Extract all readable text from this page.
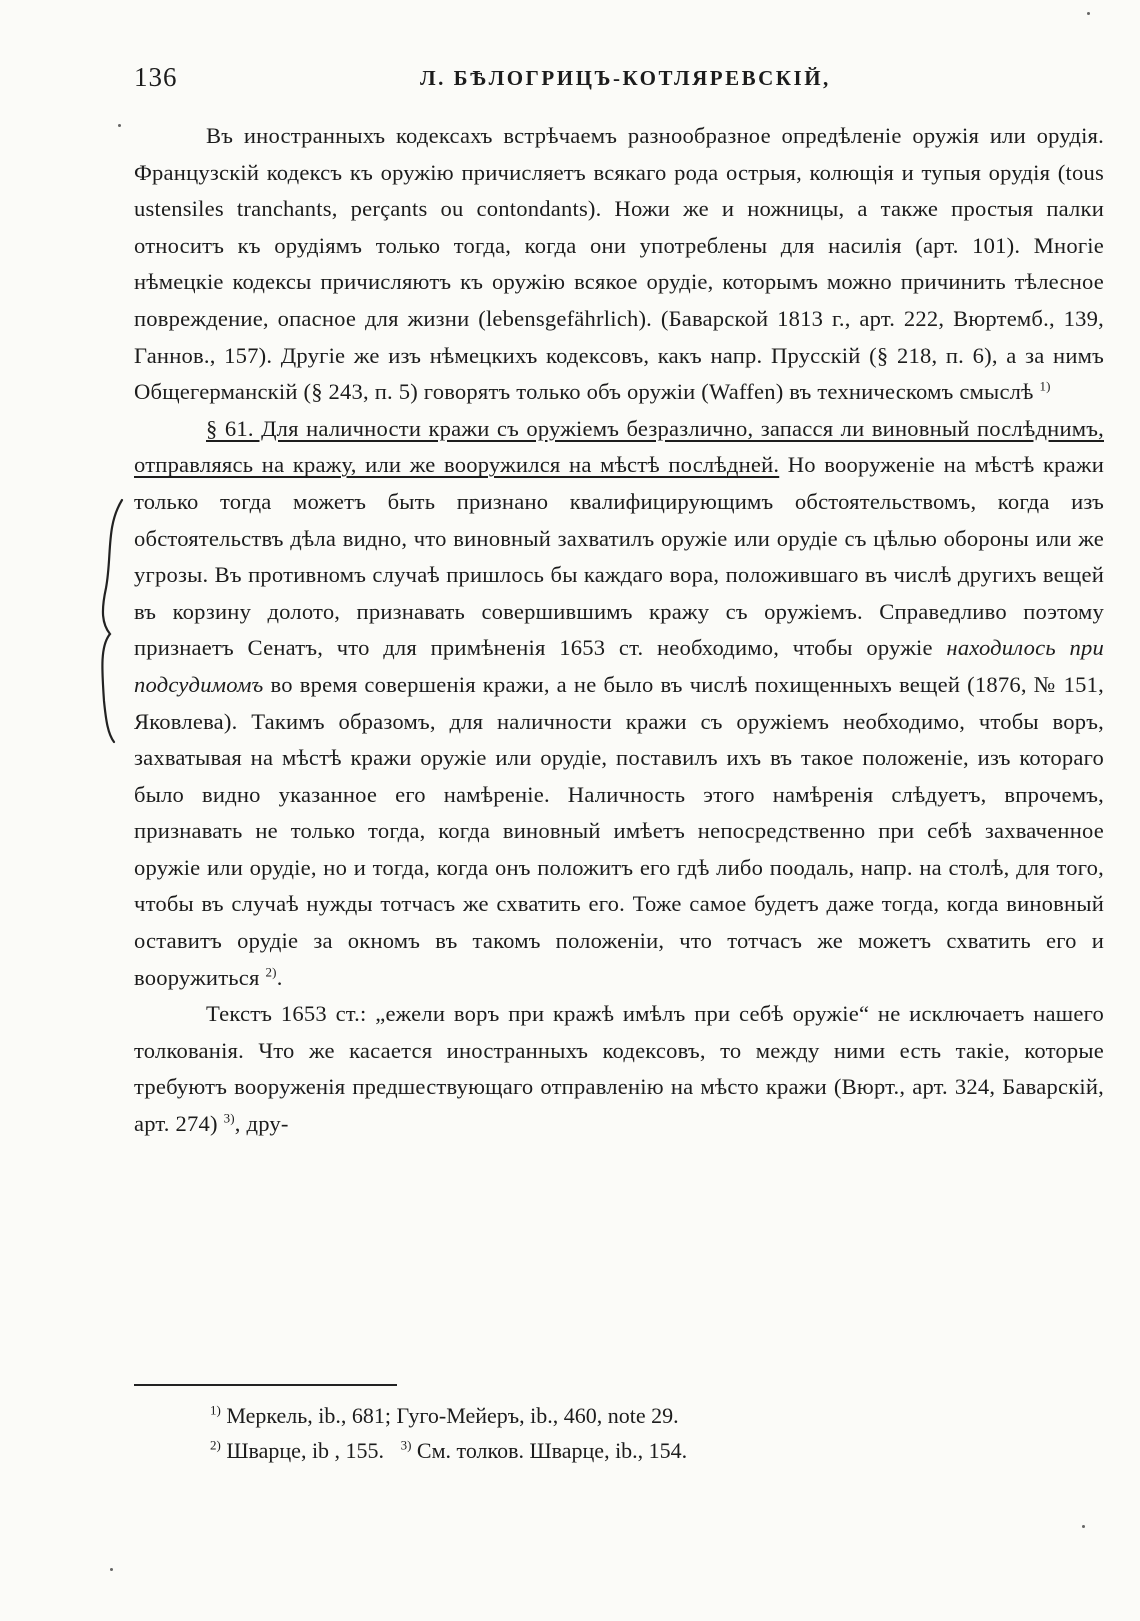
136	Л. БѢЛОГРИЦЪ-КОТЛЯРЕВСКІЙ,

Въ иностранныхъ кодексахъ встрѣчаемъ разнообразное опредѣленіе оружія или орудія. Французскій кодексъ къ оружію причисляетъ всякаго рода острыя, колющія и тупыя орудія (tous ustensiles tranchants, perçants ou contondants). Ножи же и ножницы, а также простыя палки относитъ къ орудіямъ только тогда, когда они употреблены для насилія (арт. 101). Многіе нѣмецкіе кодексы причисляютъ къ оружію всякое орудіе, которымъ можно причинить тѣлесное повреждение, опасное для жизни (lebensgefährlich). (Баварской 1813 г., арт. 222, Вюртемб., 139, Ганнов., 157). Другіе же изъ нѣмецкихъ кодексовъ, какъ напр. Прусскій (§ 218, п. 6), а за нимъ Общегерманскій (§ 243, п. 5) говорятъ только объ оружіи (Waffen) въ техническомъ смыслѣ $^{1)}$

§ 61. Для наличности кражи съ оружіемъ безразлично, запасся ли виновный послѣднимъ, отправляясь на кражу, или же вооружился на мѣстѣ послѣдней. Но вооруженіе на мѣстѣ кражи только тогда можетъ быть признано квалифицирующимъ обстоятельствомъ, когда изъ обстоятельствъ дѣла видно, что виновный захватилъ оружіе или орудіе съ цѣлью обороны или же угрозы. Въ противномъ случаѣ пришлось бы каждаго вора, положившаго въ числѣ другихъ вещей въ корзину долото, признавать совершившимъ кражу съ оружіемъ. Справедливо поэтому признаетъ Сенатъ, что для примѣненія 1653 ст. необходимо, чтобы оружіе находилось при подсудимомъ во время совершенія кражи, а не было въ числѣ похищенныхъ вещей (1876, № 151, Яковлева). Такимъ образомъ, для наличности кражи съ оружіемъ необходимо, чтобы воръ, захватывая на мѣстѣ кражи оружіе или орудіе, поставилъ ихъ въ такое положеніе, изъ котораго было видно указанное его намѣреніе. Наличность этого намѣренія слѣдуетъ, впрочемъ, признавать не только тогда, когда виновный имѣетъ непосредственно при себѣ захваченное оружіе или орудіе, но и тогда, когда онъ положитъ его гдѣ либо поодаль, напр. на столѣ, для того, чтобы въ случаѣ нужды тотчасъ же схватить его. Тоже самое будетъ даже тогда, когда виновный оставитъ орудіе за окномъ въ такомъ положеніи, что тотчасъ же можетъ схватить его и вооружиться $^{2)}$.

Текстъ 1653 ст.: „ежели воръ при кражѣ имѣлъ при себѣ оружіе“ не исключаетъ нашего толкованія. Что же касается иностранныхъ кодексовъ, то между ними есть такіе, которые требуютъ вооруженія предшествующаго отправленію на мѣсто кражи (Вюрт., арт. 324, Баварскій, арт. 274) $^{3)}$, дру-

$^{1)}$ Меркель, ib., 681; Гуго-Мейеръ, ib., 460, note 29.

$^{2)}$ Шварце, ib , 155. $^{3)}$ См. толков. Шварце, ib., 154.
